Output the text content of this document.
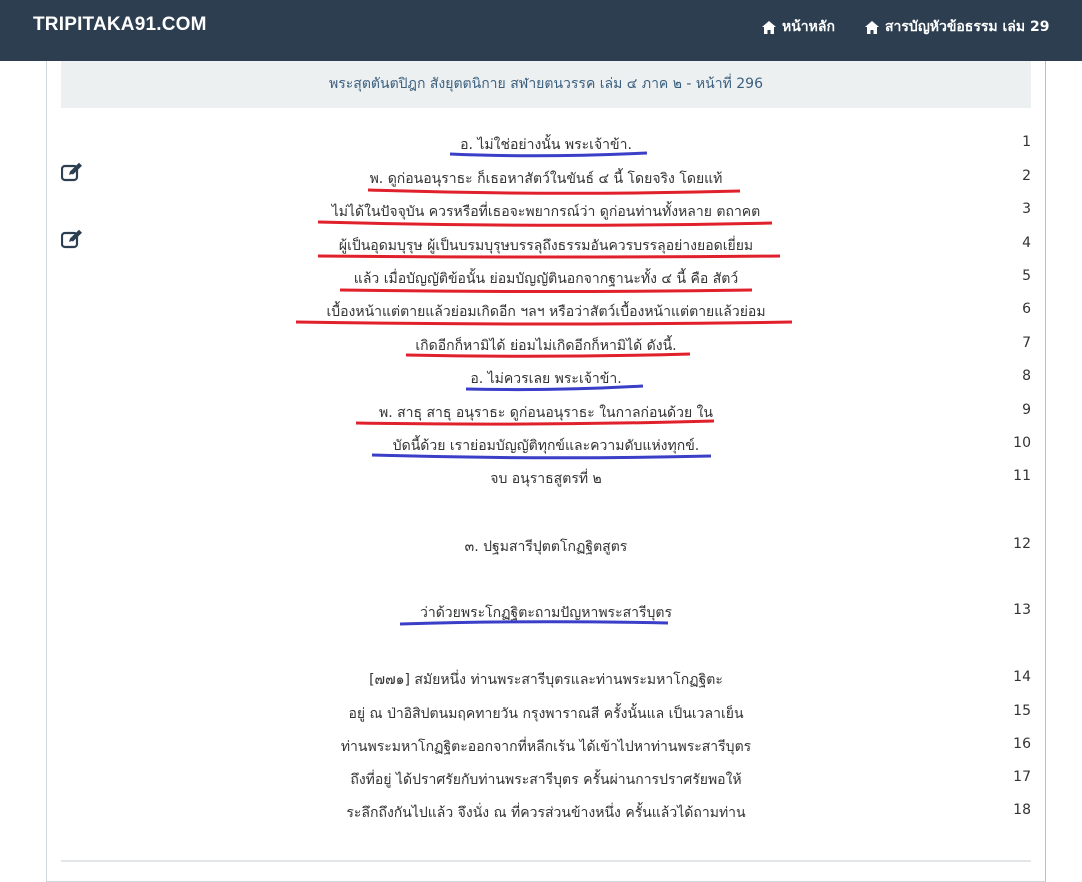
TRIPITAKA91.COM	หน้าหลัก	สารบัญหัวข้อธรรม เล่ม 29
พระสุตตันตปิฎก สังยุตตนิกาย สฬายตนวรรค เล่ม ๔ ภาค ๒ - หน้าที่ 296
อ. ไม่ใช่อย่างนั้น พระเจ้าข้า.	1
พ. ดูก่อนอนุราธะ ก็เธอหาสัตว์ในขันธ์ ๔ นี้ โดยจริง โดยแท้	2
ไม่ได้ในปัจจุบัน ควรหรือที่เธอจะพยากรณ์ว่า ดูก่อนท่านทั้งหลาย ตถาคต	3
ผู้เป็นอุดมบุรุษ ผู้เป็นบรมบุรุษบรรลุถึงธรรมอันควรบรรลุอย่างยอดเยี่ยม	4
แล้ว เมื่อบัญญัติข้อนั้น ย่อมบัญญัตินอกจากฐานะทั้ง ๔ นี้ คือ สัตว์	5
เบื้องหน้าแต่ตายแล้วย่อมเกิดอีก ฯลฯ หรือว่าสัตว์เบื้องหน้าแต่ตายแล้วย่อม	6
เกิดอีกก็หามิได้ ย่อมไม่เกิดอีกก็หามิได้ ดังนี้.	7
อ. ไม่ควรเลย พระเจ้าข้า.	8
พ. สาธุ สาธุ อนุราธะ ดูก่อนอนุราธะ ในกาลก่อนด้วย ใน	9
บัดนี้ด้วย เราย่อมบัญญัติทุกข์และความดับแห่งทุกข์.	10
จบ อนุราธสูตรที่ ๒	11
๓. ปฐมสารีปุตตโกฏฐิตสูตร	12
ว่าด้วยพระโกฏฐิตะถามปัญหาพระสารีบุตร	13
[๗๗๑] สมัยหนึ่ง ท่านพระสารีบุตรและท่านพระมหาโกฏฐิตะ	14
อยู่ ณ ป่าอิสิปตนมฤคทายวัน กรุงพาราณสี ครั้งนั้นแล เป็นเวลาเย็น	15
ท่านพระมหาโกฏฐิตะออกจากที่หลีกเร้น ได้เข้าไปหาท่านพระสารีบุตร	16
ถึงที่อยู่ ได้ปราศรัยกับท่านพระสารีบุตร ครั้นผ่านการปราศรัยพอให้	17
ระลึกถึงกันไปแล้ว จึงนั่ง ณ ที่ควรส่วนข้างหนึ่ง ครั้นแล้วได้ถามท่าน	18
